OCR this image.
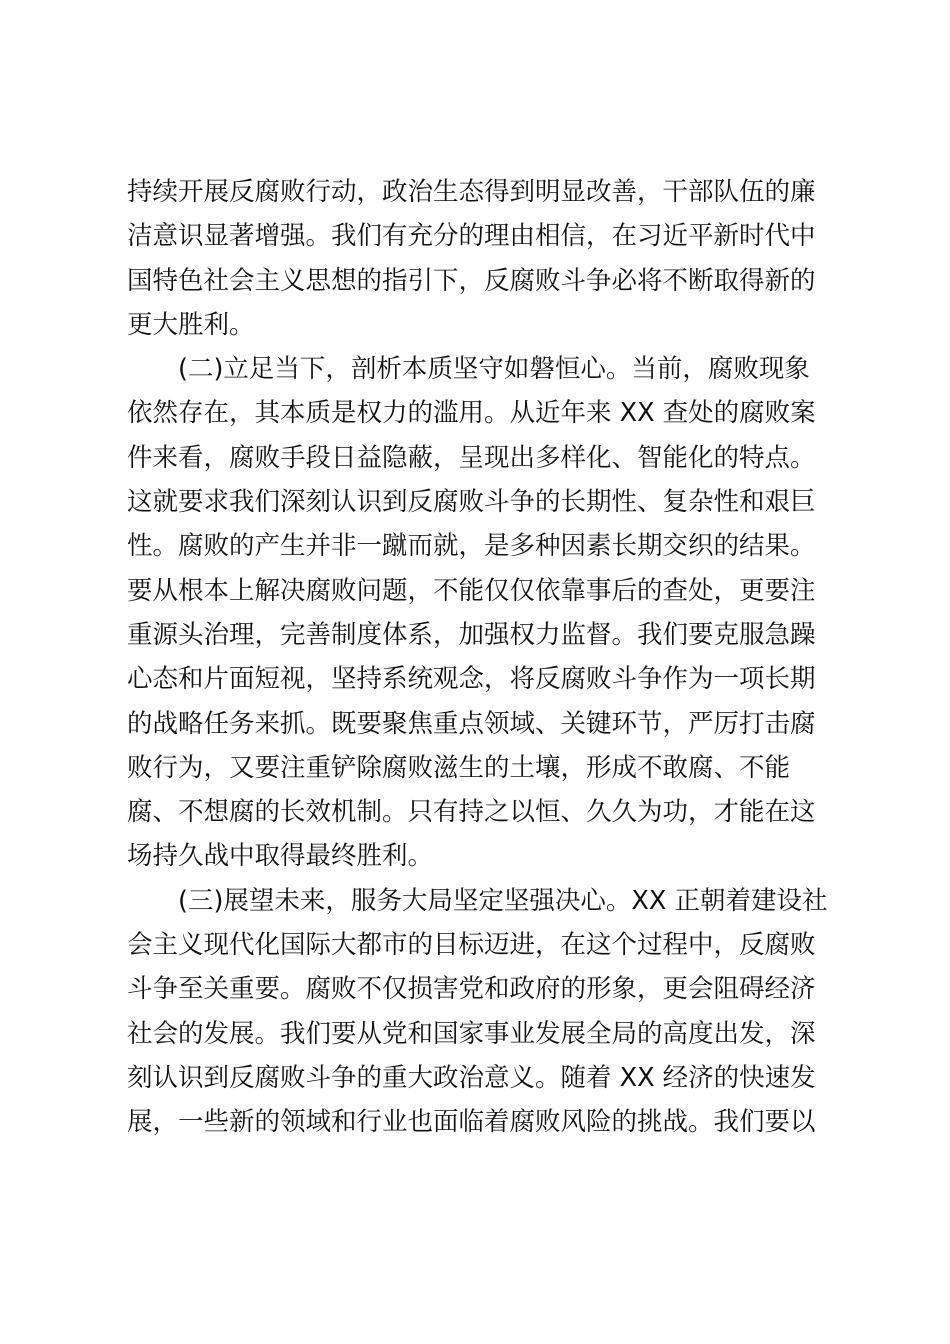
持续开展反腐败行动，政治生态得到明显改善，干部队伍的廉
洁意识显著增强。我们有充分的理由相信，在习近平新时代中
国特色社会主义思想的指引下，反腐败斗争必将不断取得新的
更大胜利。
　　(二)立足当下，剖析本质坚守如磐恒心。当前，腐败现象
依然存在，其本质是权力的滥用。从近年来 XX 查处的腐败案
件来看，腐败手段日益隐蔽，呈现出多样化、智能化的特点。
这就要求我们深刻认识到反腐败斗争的长期性、复杂性和艰巨
性。腐败的产生并非一蹴而就，是多种因素长期交织的结果。
要从根本上解决腐败问题，不能仅仅依靠事后的查处，更要注
重源头治理，完善制度体系，加强权力监督。我们要克服急躁
心态和片面短视，坚持系统观念，将反腐败斗争作为一项长期
的战略任务来抓。既要聚焦重点领域、关键环节，严厉打击腐
败行为，又要注重铲除腐败滋生的土壤，形成不敢腐、不能
腐、不想腐的长效机制。只有持之以恒、久久为功，才能在这
场持久战中取得最终胜利。
　　(三)展望未来，服务大局坚定坚强决心。XX 正朝着建设社
会主义现代化国际大都市的目标迈进，在这个过程中，反腐败
斗争至关重要。腐败不仅损害党和政府的形象，更会阻碍经济
社会的发展。我们要从党和国家事业发展全局的高度出发，深
刻认识到反腐败斗争的重大政治意义。随着 XX 经济的快速发
展，一些新的领域和行业也面临着腐败风险的挑战。我们要以
